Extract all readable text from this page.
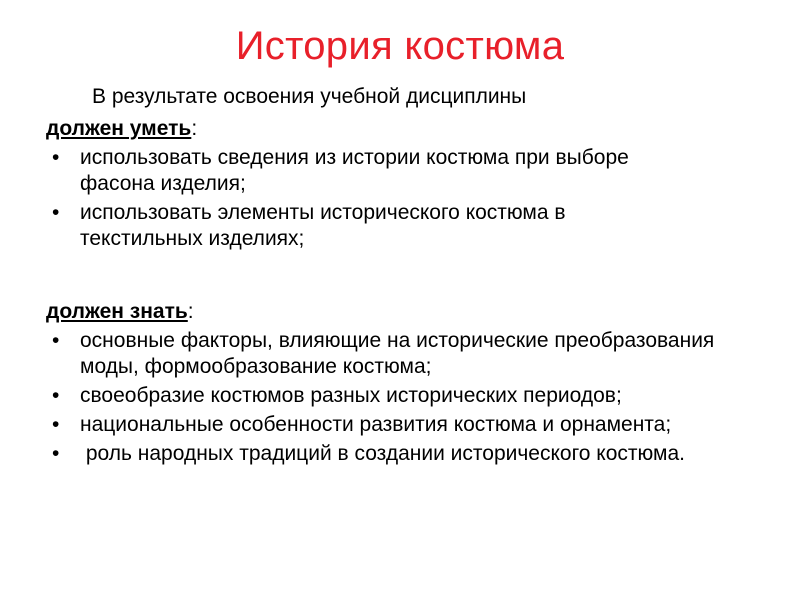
История костюма
В результате освоения учебной дисциплины
должен уметь:
• использовать сведения из истории костюма при выборе фасона изделия;
• использовать элементы исторического костюма в текстильных изделиях;
должен знать:
• основные факторы, влияющие на исторические преобразования моды, формообразование костюма;
• своеобразие костюмов разных исторических периодов;
• национальные особенности развития костюма и орнамента;
• роль народных традиций в создании исторического костюма.
